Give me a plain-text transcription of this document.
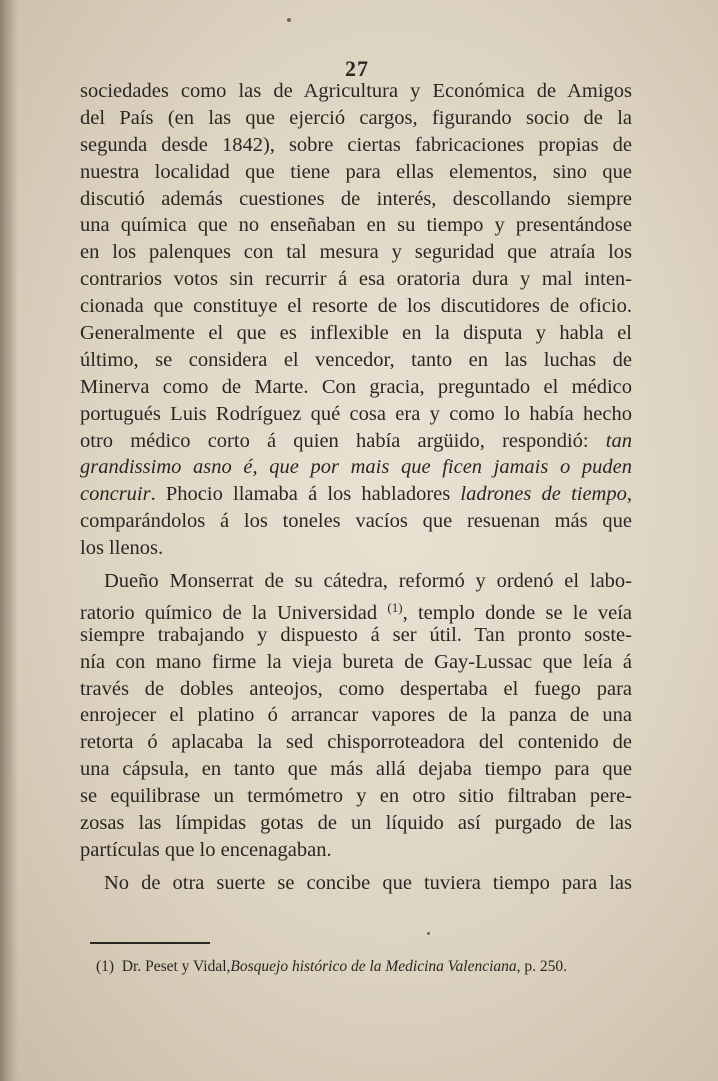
27
sociedades como las de Agricultura y Económica de Amigos
del País (en las que ejerció cargos, figurando socio de la
segunda desde 1842), sobre ciertas fabricaciones propias de
nuestra localidad que tiene para ellas elementos, sino que
discutió además cuestiones de interés, descollando siempre
una química que no enseñaban en su tiempo y presentándose
en los palenques con tal mesura y seguridad que atraía los
contrarios votos sin recurrir á esa oratoria dura y mal inten-
cionada que constituye el resorte de los discutidores de oficio.
Generalmente el que es inflexible en la disputa y habla el
último, se considera el vencedor, tanto en las luchas de
Minerva como de Marte. Con gracia, preguntado el médico
portugués Luis Rodríguez qué cosa era y como lo había hecho
otro médico corto á quien había argüido, respondió: tan
grandissimo asno é, que por mais que ficen jamais o puden
concruir. Phocio llamaba á los habladores ladrones de tiempo,
comparándolos á los toneles vacíos que resuenan más que
los llenos.
Dueño Monserrat de su cátedra, reformó y ordenó el labo-
ratorio químico de la Universidad $^{(1)}$, templo donde se le veía
siempre trabajando y dispuesto á ser útil. Tan pronto soste-
nía con mano firme la vieja bureta de Gay-Lussac que leía á
través de dobles anteojos, como despertaba el fuego para
enrojecer el platino ó arrancar vapores de la panza de una
retorta ó aplacaba la sed chisporroteadora del contenido de
una cápsula, en tanto que más allá dejaba tiempo para que
se equilibrase un termómetro y en otro sitio filtraban pere-
zosas las límpidas gotas de un líquido así purgado de las
partículas que lo encenagaban.
No de otra suerte se concibe que tuviera tiempo para las
(1) Dr. Peset y Vidal,Bosquejo histórico de la Medicina Valenciana, p. 250.
